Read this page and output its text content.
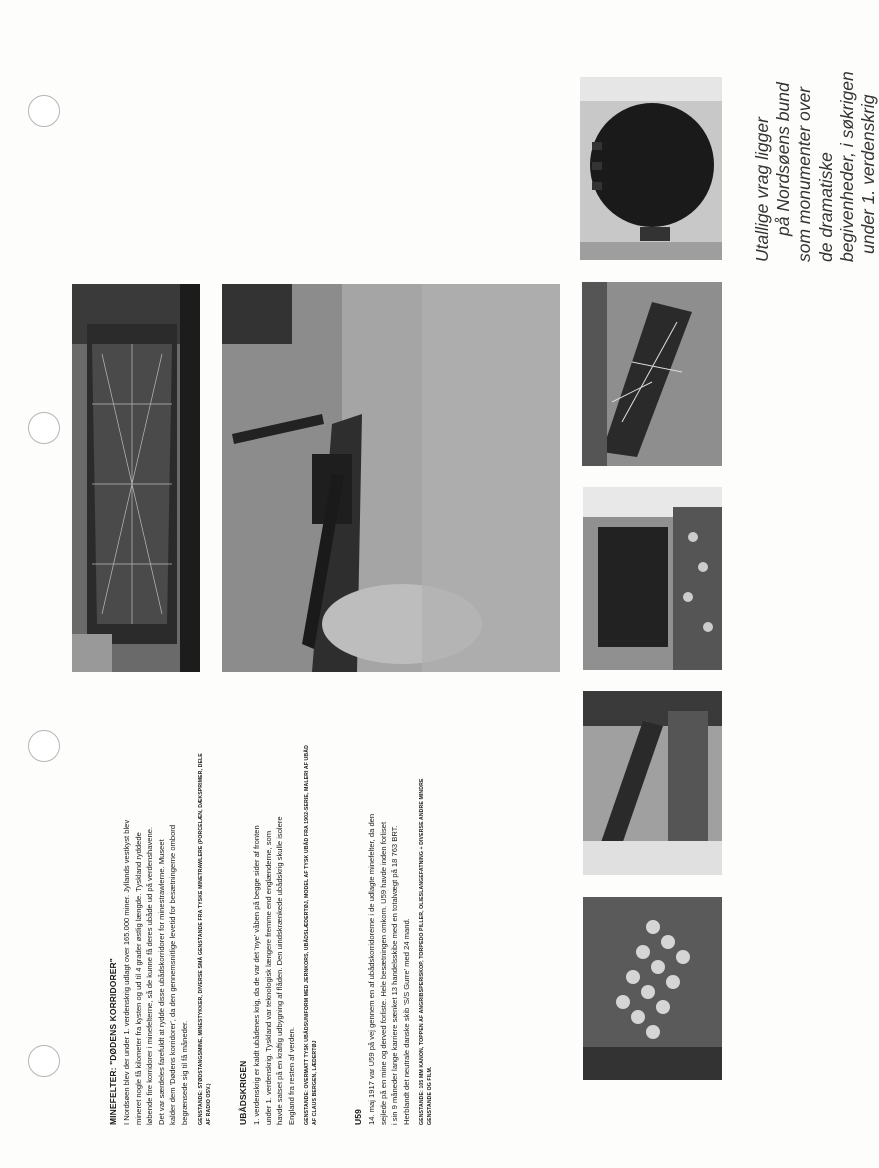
MINEFELTER: "DØDENS KORRIDORER" I Nordsøen blev der under 1. verdenskrig udlagt over 165.000 miner. Jyllands vestkyst blev mineret nogle få kilometer fra kysten og ud til 4 grader østlig længde. Tyskland ryddede løbende fire korridorer i minefelterne, så de kunne få deres ubåde ud på verdenshavene. Det var særdeles farefuldt at rydde disse ubådskorridorer for minestrawlerne. Museet kalder dem 'Dødens korridorer', da den gennemsnitlige levetid for besætningerne ombord begrænsede sig til få måneder.	GENSTANDE: STØDSTANGSMINE, MINESTYKKER, DIVERSE SMÅ GENSTANDE FRA TYSKE MINETRAWLERE (PORCELÆN, DÆKSPRIMER, DELE AF RADIO OSV.)	UBÅDSKRIGEN 1. verdenskrig er kaldt ubådenes krig, da de var det 'nye' våben på begge sider af fronten under 1. verdenskrig. Tyskland var teknologisk længere fremme end englænderne, som havde satset på en kraftig udbygning af flåden. Den uindskrænkede ubådskrig skulle isolere England fra resten af verden.	GENSTANDE: OVERMATT TYSK UBÅDSUNIFORM MED JERNKORS, UBÅDSLÆDERTØJ, MODEL AF TYSK UBÅD FRA 1902-SERIE, MALERI AF UBÅD AF CLAUS BERGEN, LÆDERTØJ	U59 14. maj 1917 var U59 på vej gennem en af ubådskorridorerne i de udlagte minefelter, da den sejlede på en mine og derved forliste. Hele besætningen omkom. U59 havde inden forliset i sin 9 måneder lange karriere sænket 13 handelsskibe med en totalvægt på 18 763 BRT. Herblandt det neutrale danske skib 'S/S Gurre' med 24 mand.	GENSTANDE: 105 MM KANON, TOPPEN AF ANGRIBSPERISKOP, TORPEDO PILLER, OLIESLANGEFATNING + DIVERSE ANDRE MINDRE GENSTANDE OG FILM.
Utallige vrag ligger på Nordsøens bund som monumenter over de dramatiske begivenheder, i søkrigen under 1. verdenskrig
